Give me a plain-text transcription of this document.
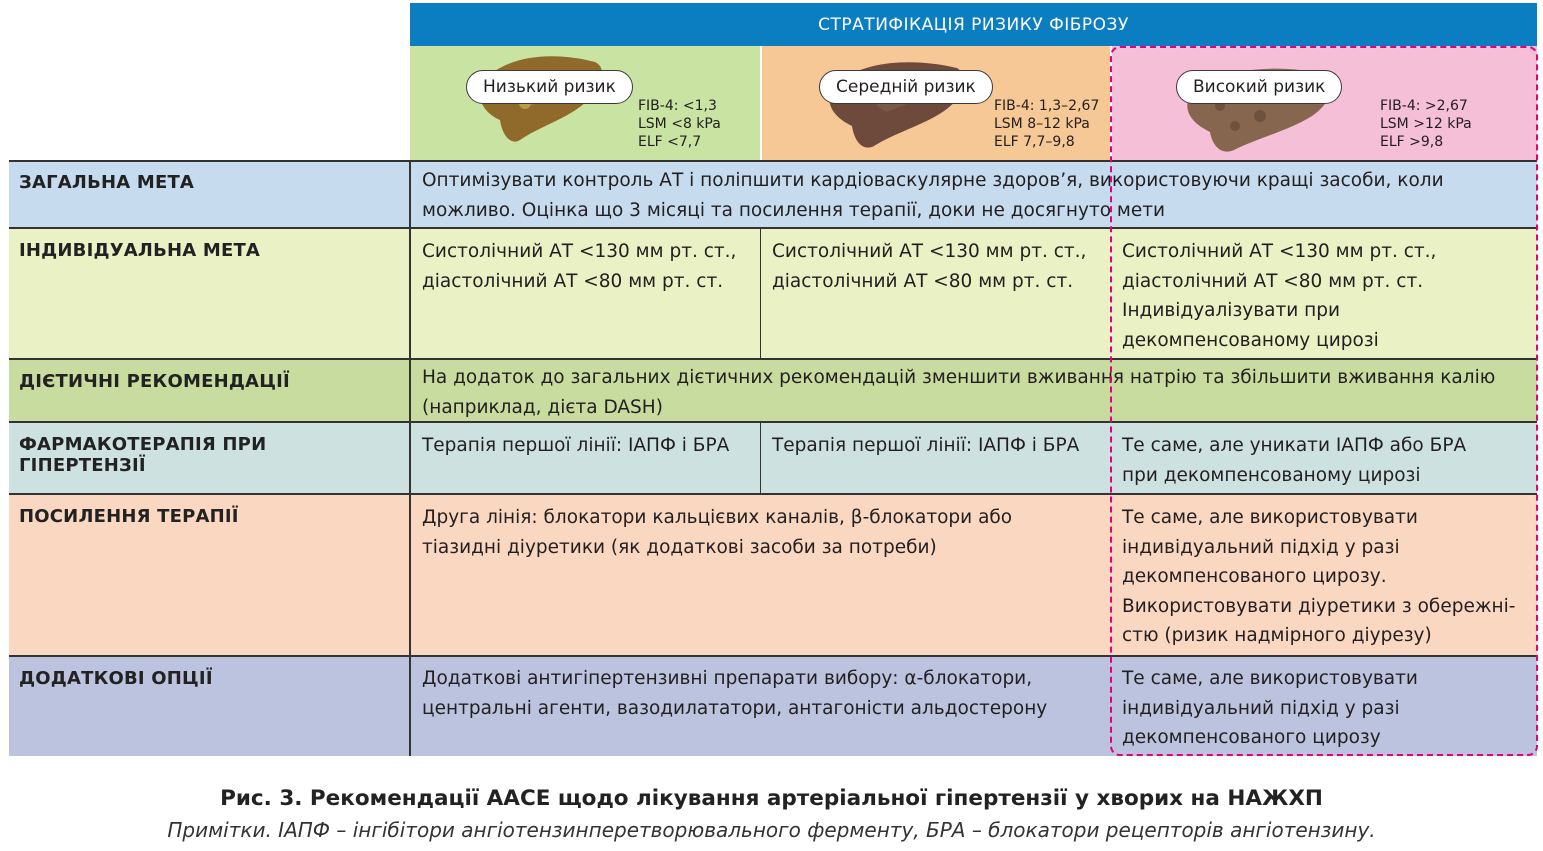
СТРАТИФІКАЦІЯ РИЗИКУ ФІБРОЗУ
Низький ризик
FIB-4: <1,3
LSM <8 kPa
ELF <7,7
Середній ризик
FIB-4: 1,3–2,67
LSM 8–12 kPa
ELF 7,7–9,8
Високий ризик
FIB-4: >2,67
LSM >12 kPa
ELF >9,8
ЗАГАЛЬНА МЕТА
ІНДИВІДУАЛЬНА МЕТА
ДІЄТИЧНІ РЕКОМЕНДАЦІЇ
ФАРМАКОТЕРАПІЯ ПРИ ГІПЕРТЕНЗІЇ
ПОСИЛЕННЯ ТЕРАПІЇ
ДОДАТКОВІ ОПЦІЇ
Оптимізувати контроль АТ і поліпшити кардіоваскулярне здоров’я, використовуючи кращі засоби, коли можливо. Оцінка що 3 місяці та посилення терапії, доки не досягнуто мети
Систолічний АТ <130 мм рт. ст., діастолічний АТ <80 мм рт. ст.
Систолічний АТ <130 мм рт. ст., діастолічний АТ <80 мм рт. ст.
Систолічний АТ <130 мм рт. ст., діастолічний АТ <80 мм рт. ст. Індивідуалізувати при декомпенсованому цирозі
На додаток до загальних дієтичних рекомендацій зменшити вживання натрію та збільшити вживання калію (наприклад, дієта DASH)
Терапія першої лінії: ІАПФ і БРА	Терапія першої лінії: ІАПФ і БРА	Те саме, але уникати ІАПФ або БРА при декомпенсованому цирозі
Друга лінія: блокатори кальцієвих каналів, β-блокатори або тіазидні діуретики (як додаткові засоби за потреби)
Те саме, але використовувати індивідуальний підхід у разі декомпенсованого цирозу. Використовувати діуретики з обережні-стю (ризик надмірного діурезу)
Додаткові антигіпертензивні препарати вибору: α-блокатори, центральні агенти, вазодилататори, антагоністи альдостерону
Те саме, але використовувати індивідуальний підхід у разі декомпенсованого цирозу
Рис. 3. Рекомендації ААСЕ щодо лікування артеріальної гіпертензії у хворих на НАЖХП
Примітки. ІАПФ – інгібітори ангіотензинперетворювального ферменту, БРА – блокатори рецепторів ангіотензину.
